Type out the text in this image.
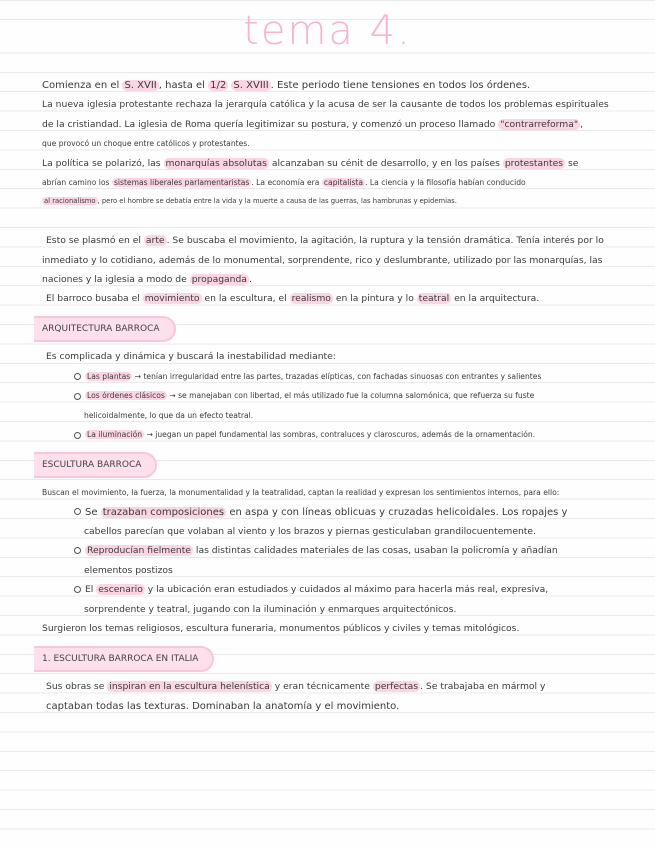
tema 4.
Comienza en el S. XVII , hasta el 1/2 S. XVIII . Este periodo tiene tensiones en todos los órdenes.
La nueva iglesia protestante rechaza la jerarquía católica y la acusa de ser la causante de todos los problemas espirituales
de la cristiandad. La iglesia de Roma quería legitimizar su postura, y comenzó un proceso llamado "contrarreforma" ,
que provocó un choque entre católicos y protestantes.
La política se polarizó, las monarquías absolutas alcanzaban su cénit de desarrollo, y en los países protestantes se
abrían camino los sistemas liberales parlamentaristas . La economía era capitalista . La ciencia y la filosofía habían conducido
al racionalismo , pero el hombre se debatía entre la vida y la muerte a causa de las guerras, las hambrunas y epidemias.
Esto se plasmó en el arte . Se buscaba el movimiento, la agitación, la ruptura y la tensión dramática. Tenía interés por lo
inmediato y lo cotidiano, además de lo monumental, sorprendente, rico y deslumbrante, utilizado por las monarquías, las
naciones y la iglesia a modo de propaganda .
El barroco busaba el movimiento en la escultura, el realismo en la pintura y lo teatral en la arquitectura.
ARQUITECTURA BARROCA
Es complicada y dinámica y buscará la inestabilidad mediante:
Las plantas → tenían irregularidad entre las partes, trazadas elípticas, con fachadas sinuosas con entrantes y salientes
Los órdenes clásicos → se manejaban con libertad, el más utilizado fue la columna salomónica, que refuerza su fuste
helicoidalmente, lo que da un efecto teatral.
La iluminación → juegan un papel fundamental las sombras, contraluces y claroscuros, además de la ornamentación.
ESCULTURA BARROCA
Buscan el movimiento, la fuerza, la monumentalidad y la teatralidad, captan la realidad y expresan los sentimientos internos, para ello:
Se trazaban composiciones en aspa y con líneas oblicuas y cruzadas helicoidales. Los ropajes y
cabellos parecían que volaban al viento y los brazos y piernas gesticulaban grandilocuentemente.
Reproducían fielmente las distintas calidades materiales de las cosas, usaban la policromía y añadían
elementos postizos
El escenario y la ubicación eran estudiados y cuidados al máximo para hacerla más real, expresiva,
sorprendente y teatral, jugando con la iluminación y enmarques arquitectónicos.
Surgieron los temas religiosos, escultura funeraria, monumentos públicos y civiles y temas mitológicos.
1. ESCULTURA BARROCA EN ITALIA
Sus obras se inspiran en la escultura helenística y eran técnicamente perfectas . Se trabajaba en mármol y
captaban todas las texturas. Dominaban la anatomía y el movimiento.
